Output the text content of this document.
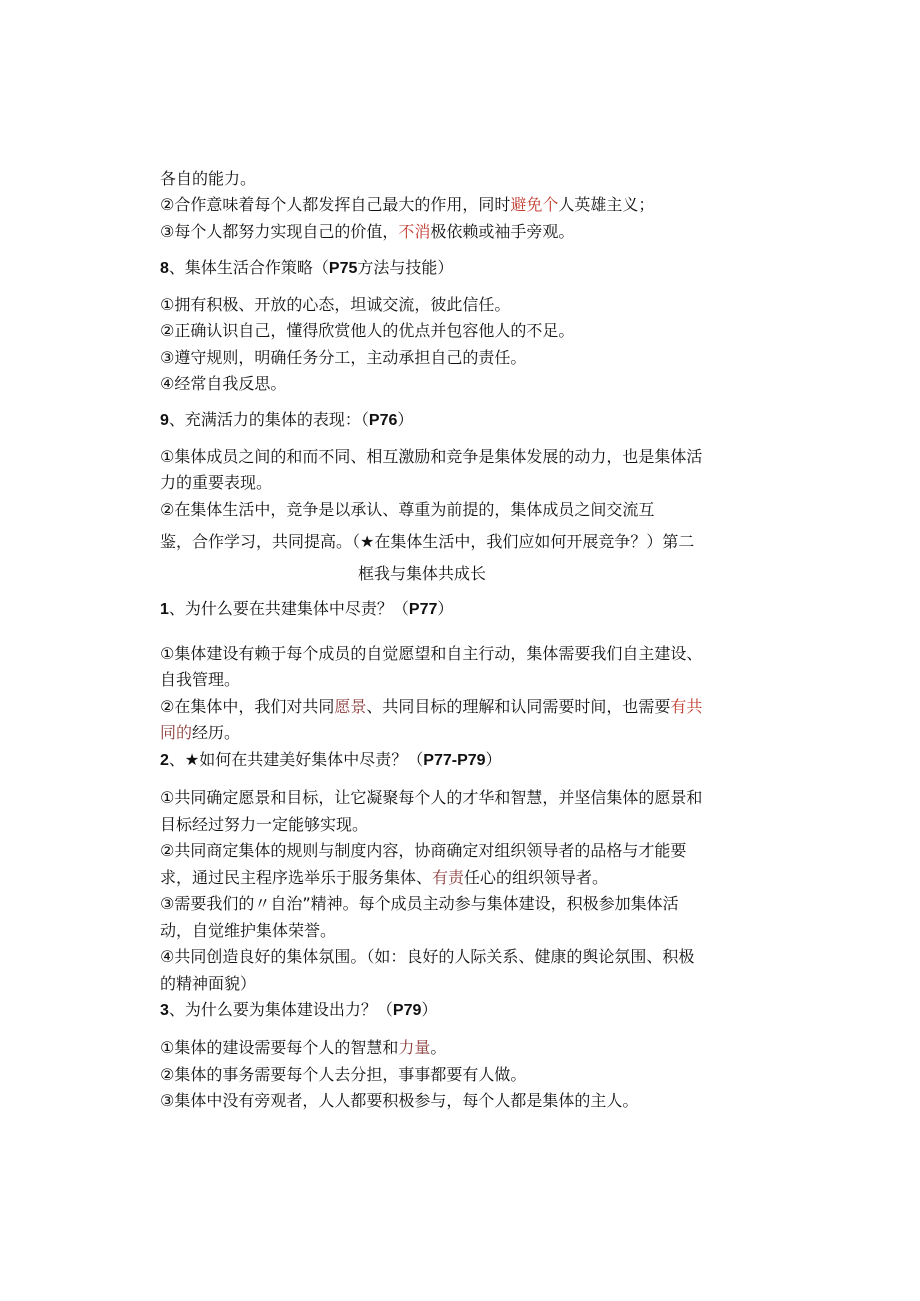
各自的能力。
②合作意味着每个人都发挥自己最大的作用，同时避免个人英雄主义；
③每个人都努力实现自己的价值，不消极依赖或袖手旁观。
8、集体生活合作策略（P75方法与技能）
①拥有积极、开放的心态，坦诚交流，彼此信任。
②正确认识自己，懂得欣赏他人的优点并包容他人的不足。
③遵守规则，明确任务分工，主动承担自己的责任。
④经常自我反思。
9、充满活力的集体的表现：（P76）
①集体成员之间的和而不同、相互激励和竞争是集体发展的动力，也是集体活
力的重要表现。
②在集体生活中，竞争是以承认、尊重为前提的，集体成员之间交流互
鉴，合作学习，共同提高。（★在集体生活中，我们应如何开展竞争？）第二
框我与集体共成长
1、为什么要在共建集体中尽责？（P77）
①集体建设有赖于每个成员的自觉愿望和自主行动，集体需要我们自主建设、
自我管理。
②在集体中，我们对共同愿景、共同目标的理解和认同需要时间，也需要有共
同的经历。
2、★如何在共建美好集体中尽责？（P77-P79）
①共同确定愿景和目标，让它凝聚每个人的才华和智慧，并坚信集体的愿景和
目标经过努力一定能够实现。
②共同商定集体的规则与制度内容，协商确定对组织领导者的品格与才能要
求，通过民主程序选举乐于服务集体、有责任心的组织领导者。
③需要我们的〃自治”精神。每个成员主动参与集体建设，积极参加集体活
动，自觉维护集体荣誉。
④共同创造良好的集体氛围。（如：良好的人际关系、健康的舆论氛围、积极
的精神面貌）
3、为什么要为集体建设出力？（P79）
①集体的建设需要每个人的智慧和力量。
②集体的事务需要每个人去分担，事事都要有人做。
③集体中没有旁观者，人人都要积极参与，每个人都是集体的主人。
